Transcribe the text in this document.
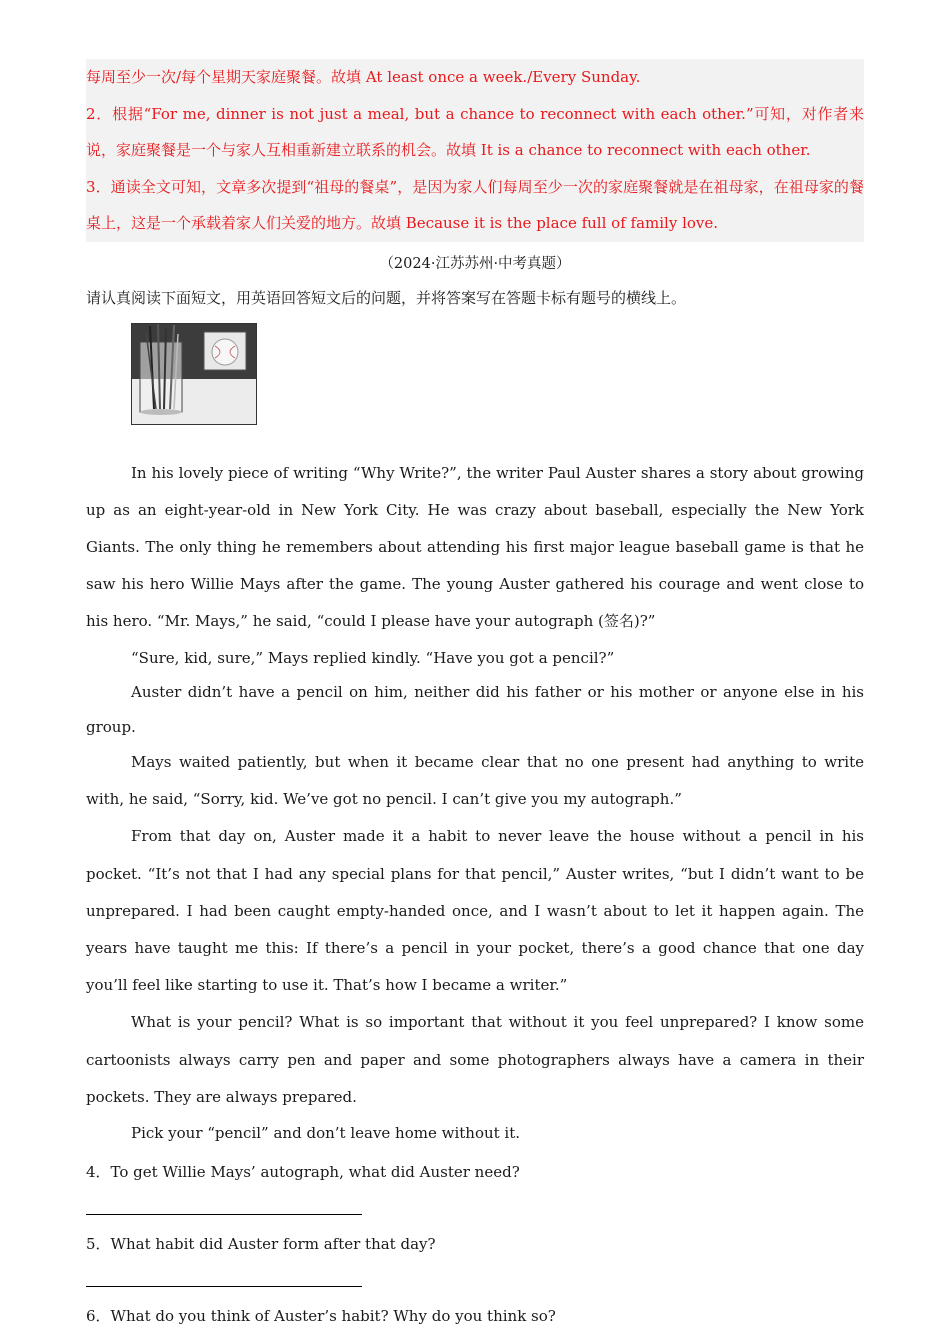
每周至少一次/每个星期天家庭聚餐。故填 At least once a week./Every Sunday.

2．根据“For me, dinner is not just a meal, but a chance to reconnect with each other.”可知，对作者来说，家庭聚餐是一个与家人互相重新建立联系的机会。故填 It is a chance to reconnect with each other.

3．通读全文可知，文章多次提到“祖母的餐桌”，是因为家人们每周至少一次的家庭聚餐就是在祖母家，在祖母家的餐桌上，这是一个承载着家人们关爱的地方。故填 Because it is the place full of family love.

（2024·江苏苏州·中考真题）

请认真阅读下面短文，用英语回答短文后的问题，并将答案写在答题卡标有题号的横线上。

In his lovely piece of writing “Why Write?”, the writer Paul Auster shares a story about growing up as an eight-year-old in New York City. He was crazy about baseball, especially the New York Giants. The only thing he remembers about attending his first major league baseball game is that he saw his hero Willie Mays after the game. The young Auster gathered his courage and went close to his hero. “Mr. Mays,” he said, “could I please have your autograph (签名)?”

“Sure, kid, sure,” Mays replied kindly. “Have you got a pencil?”

Auster didn’t have a pencil on him, neither did his father or his mother or anyone else in his group.

Mays waited patiently, but when it became clear that no one present had anything to write with, he said, “Sorry, kid. We’ve got no pencil. I can’t give you my autograph.”

From that day on, Auster made it a habit to never leave the house without a pencil in his pocket. “It’s not that I had any special plans for that pencil,” Auster writes, “but I didn’t want to be unprepared. I had been caught empty-handed once, and I wasn’t about to let it happen again. The years have taught me this: If there’s a pencil in your pocket, there’s a good chance that one day you’ll feel like starting to use it. That’s how I became a writer.”

What is your pencil? What is so important that without it you feel unprepared? I know some cartoonists always carry pen and paper and some photographers always have a camera in their pockets. They are always prepared.

Pick your “pencil” and don’t leave home without it.

4．To get Willie Mays’ autograph, what did Auster need?

5．What habit did Auster form after that day?

6．What do you think of Auster’s habit? Why do you think so?
